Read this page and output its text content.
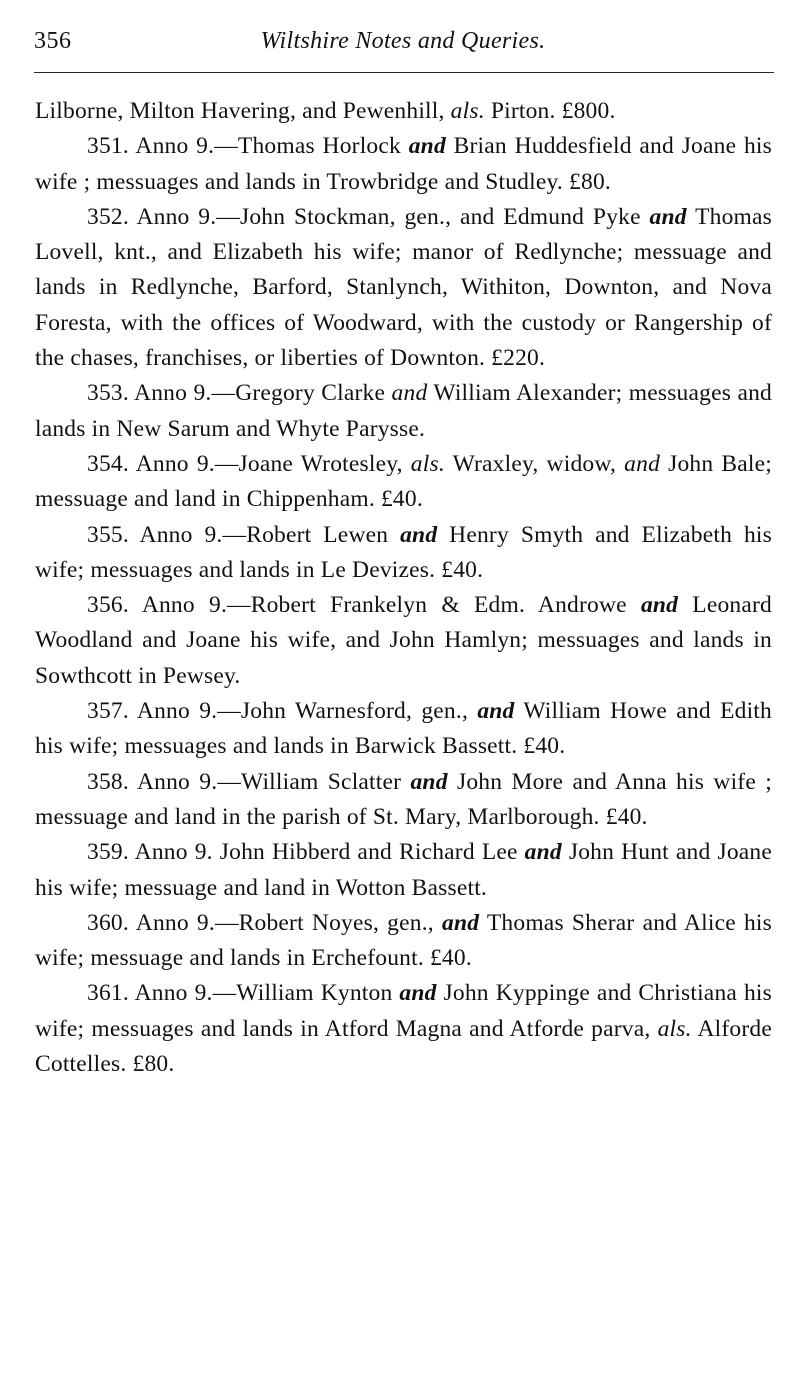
356	Wiltshire Notes and Queries.

Lilborne, Milton Havering, and Pewenhill, als. Pirton. £800.

351. Anno 9.—Thomas Horlock and Brian Huddesfield and Joane his wife ; messuages and lands in Trowbridge and Studley. £80.

352. Anno 9.—John Stockman, gen., and Edmund Pyke and Thomas Lovell, knt., and Elizabeth his wife; manor of Redlynche; messuage and lands in Redlynche, Barford, Stanlynch, Withiton, Downton, and Nova Foresta, with the offices of Woodward, with the custody or Rangership of the chases, franchises, or liberties of Downton. £220.

353. Anno 9.—Gregory Clarke and William Alexander; messuages and lands in New Sarum and Whyte Parysse.

354. Anno 9.—Joane Wrotesley, als. Wraxley, widow, and John Bale; messuage and land in Chippenham. £40.

355. Anno 9.—Robert Lewen and Henry Smyth and Elizabeth his wife; messuages and lands in Le Devizes. £40.

356. Anno 9.—Robert Frankelyn & Edm. Androwe and Leonard Woodland and Joane his wife, and John Hamlyn; messuages and lands in Sowthcott in Pewsey.

357. Anno 9.—John Warnesford, gen., and William Howe and Edith his wife; messuages and lands in Barwick Bassett. £40.

358. Anno 9.—William Sclatter and John More and Anna his wife ; messuage and land in the parish of St. Mary, Marlborough. £40.

359. Anno 9. John Hibberd and Richard Lee and John Hunt and Joane his wife; messuage and land in Wotton Bassett.

360. Anno 9.—Robert Noyes, gen., and Thomas Sherar and Alice his wife; messuage and lands in Erchefount. £40.

361. Anno 9.—William Kynton and John Kyppinge and Christiana his wife; messuages and lands in Atford Magna and Atforde parva, als. Alforde Cottelles. £80.
